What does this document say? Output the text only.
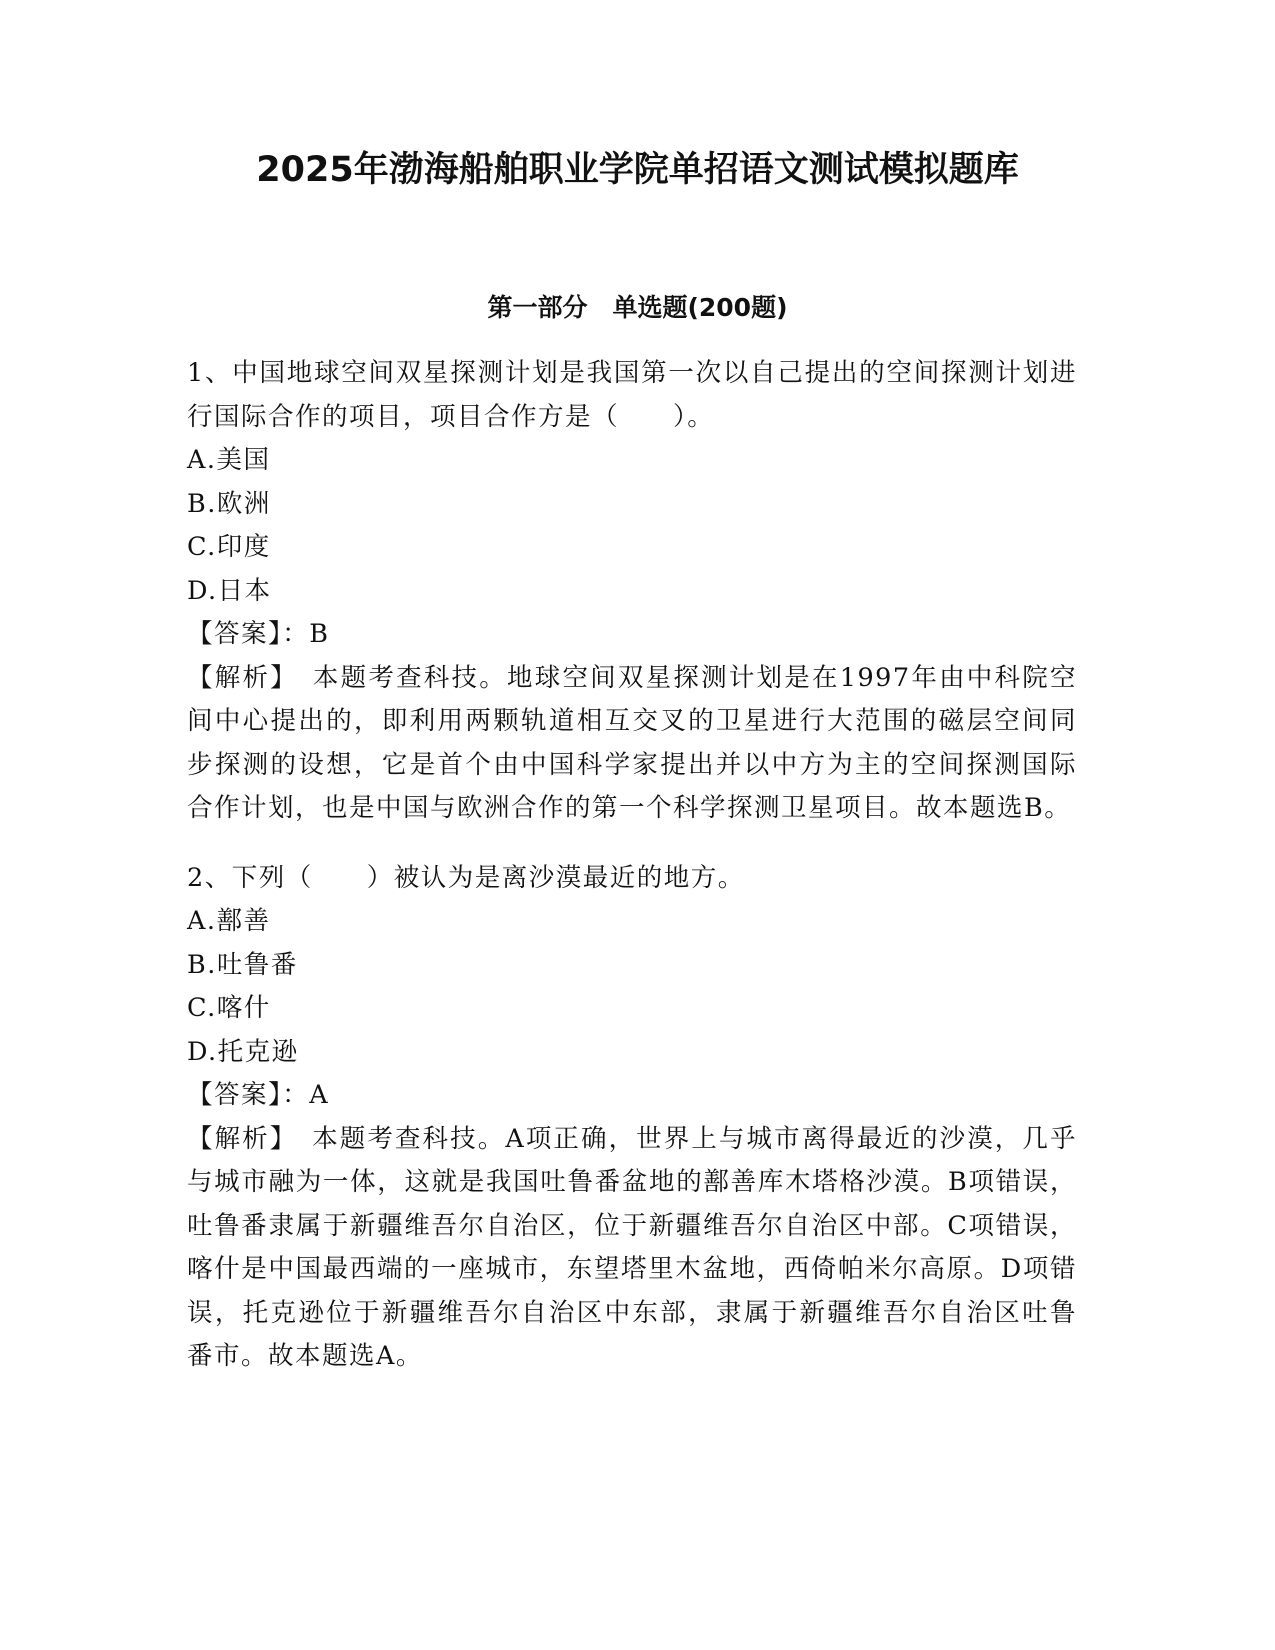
2025年渤海船舶职业学院单招语文测试模拟题库
第一部分　单选题(200题)

1、中国地球空间双星探测计划是我国第一次以自己提出的空间探测计划进行国际合作的项目，项目合作方是（　　）。

A.美国

B.欧洲

C.印度

D.日本

【答案】：B

【解析】　本题考查科技。地球空间双星探测计划是在1997年由中科院空间中心提出的，即利用两颗轨道相互交叉的卫星进行大范围的磁层空间同步探测的设想，它是首个由中国科学家提出并以中方为主的空间探测国际合作计划，也是中国与欧洲合作的第一个科学探测卫星项目。故本题选B。

2、下列（　　）被认为是离沙漠最近的地方。

A.鄯善

B.吐鲁番

C.喀什

D.托克逊

【答案】：A

【解析】　本题考查科技。A项正确，世界上与城市离得最近的沙漠，几乎与城市融为一体，这就是我国吐鲁番盆地的鄯善库木塔格沙漠。B项错误，吐鲁番隶属于新疆维吾尔自治区，位于新疆维吾尔自治区中部。C项错误，喀什是中国最西端的一座城市，东望塔里木盆地，西倚帕米尔高原。D项错误，托克逊位于新疆维吾尔自治区中东部，隶属于新疆维吾尔自治区吐鲁番市。故本题选A。
